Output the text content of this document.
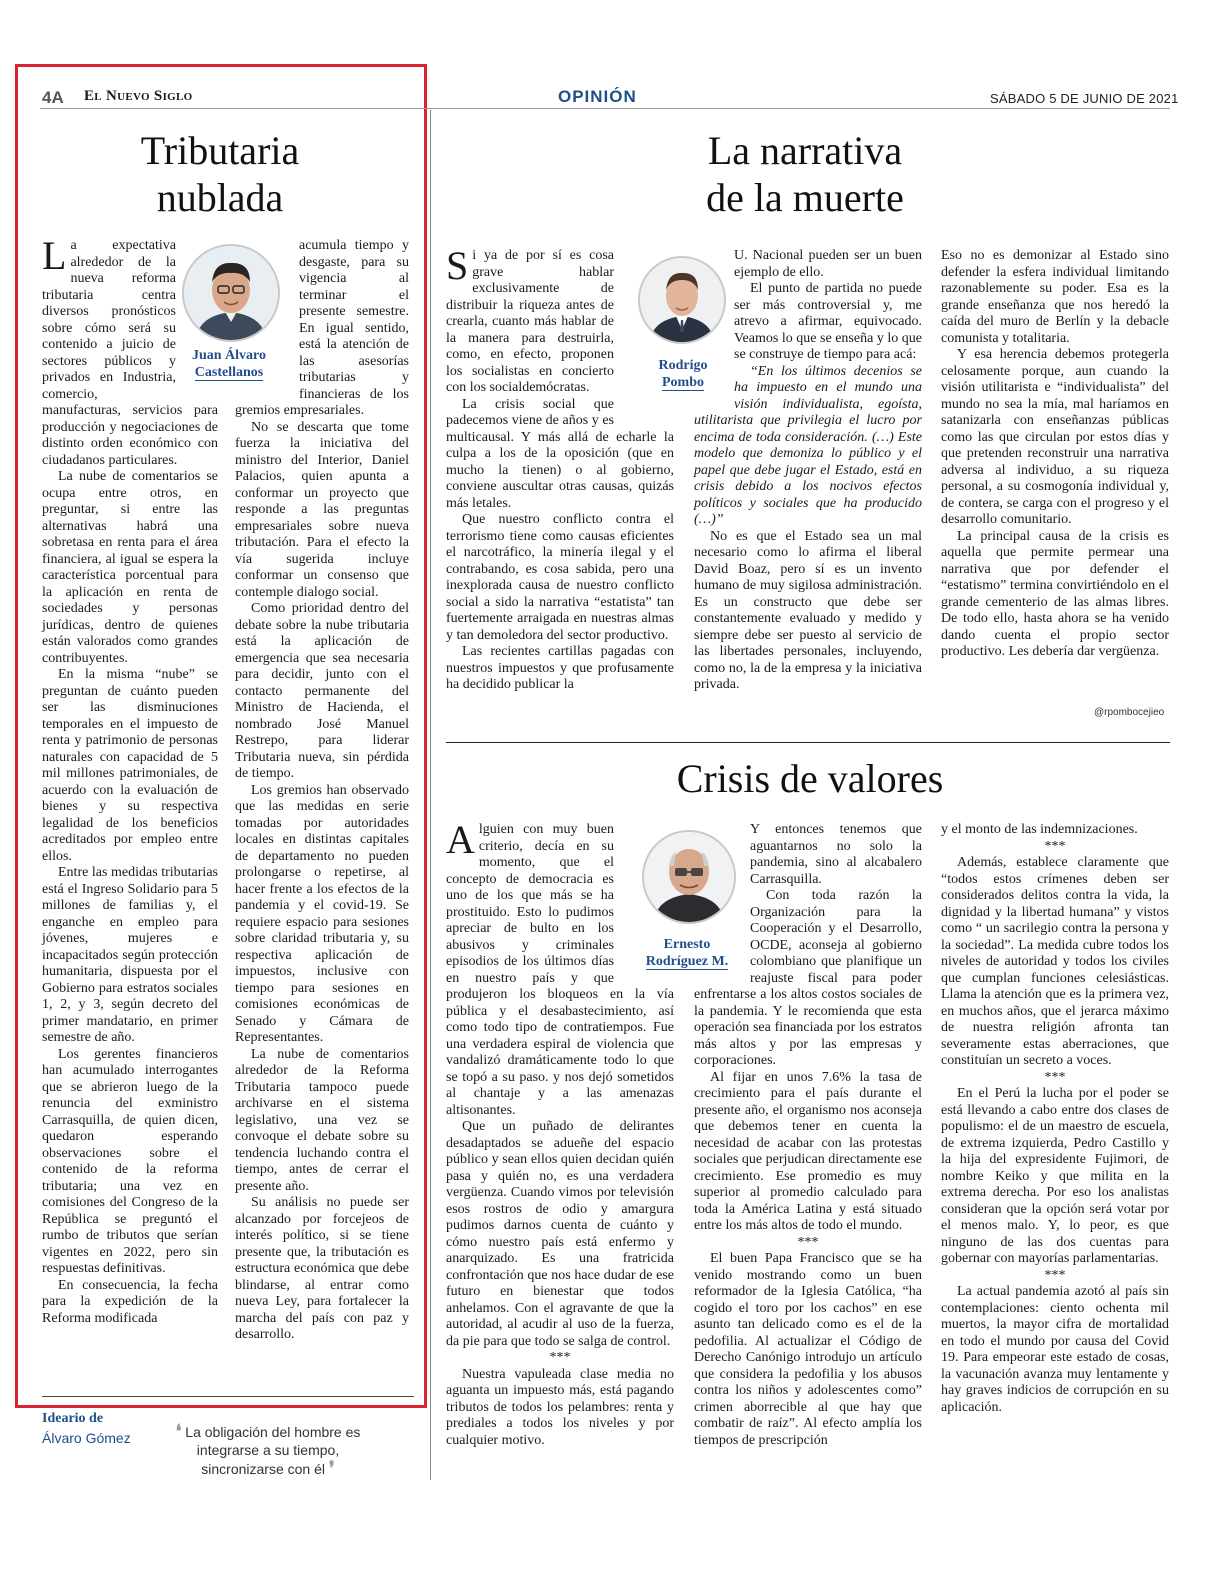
4A El Nuevo Siglo	OPINIÓN	SÁBADO 5 DE JUNIO DE 2021
Tributaria
nublada
Juan Álvaro
Castellanos

La expectativa alrededor de la nueva reforma tributaria centra diversos pronósticos sobre cómo será su contenido a juicio de sectores públicos y privados en Industria, comercio, manufacturas, servicios para producción y negociaciones de distinto orden económico con ciudadanos particulares.

La nube de comentarios se ocupa entre otros, en preguntar, si entre las alternativas habrá una sobretasa en renta para el área financiera, al igual se espera la característica porcentual para la aplicación en renta de sociedades y personas jurídicas, dentro de quienes están valorados como grandes contribuyentes.

En la misma “nube” se preguntan de cuánto pueden ser las disminuciones temporales en el impuesto de renta y patrimonio de personas naturales con capacidad de 5 mil millones patrimoniales, de acuerdo con la evaluación de bienes y su respectiva legalidad de los beneficios acreditados por empleo entre ellos.

Entre las medidas tributarias está el Ingreso Solidario para 5 millones de familias y, el enganche en empleo para jóvenes, mujeres e incapacitados según protección humanitaria, dispuesta por el Gobierno para estratos sociales 1, 2, y 3, según decreto del primer mandatario, en primer semestre de año.

Los gerentes financieros han acumulado interrogantes que se abrieron luego de la renuncia del exministro Carrasquilla, de quien dicen, quedaron esperando observaciones sobre el contenido de la reforma tributaria; una vez en comisiones del Congreso de la República se preguntó el rumbo de tributos que serían vigentes en 2022, pero sin respuestas definitivas.

En consecuencia, la fecha para la expedición de la Reforma modificada

acumula tiempo y desgaste, para su vigencia al terminar el presente semestre. En igual sentido, está la atención de las asesorías tributarias y financieras de los gremios empresariales.

No se descarta que tome fuerza la iniciativa del ministro del Interior, Daniel Palacios, quien apunta a conformar un proyecto que responde a las preguntas empresariales sobre nueva tributación. Para el efecto la vía sugerida incluye conformar un consenso que contemple dialogo social.

Como prioridad dentro del debate sobre la nube tributaria está la aplicación de emergencia que sea necesaria para decidir, junto con el contacto permanente del Ministro de Hacienda, el nombrado José Manuel Restrepo, para liderar Tributaria nueva, sin pérdida de tiempo.

Los gremios han observado que las medidas en serie tomadas por autoridades locales en distintas capitales de departamento no pueden prolongarse o repetirse, al hacer frente a los efectos de la pandemia y el covid-19. Se requiere espacio para sesiones sobre claridad tributaria y, su respectiva aplicación de impuestos, inclusive con tiempo para sesiones en comisiones económicas de Senado y Cámara de Representantes.

La nube de comentarios alrededor de la Reforma Tributaria tampoco puede archivarse en el sistema legislativo, una vez se convoque el debate sobre su tendencia luchando contra el tiempo, antes de cerrar el presente año.

Su análisis no puede ser alcanzado por forcejeos de interés político, si se tiene presente que, la tributación es estructura económica que debe blindarse, al entrar como nueva Ley, para fortalecer la marcha del país con paz y desarrollo.

Ideario de
Álvaro Gómez	❛ La obligación del hombre es integrarse a su tiempo, sincronizarse con él ❜
La narrativa
de la muerte
Rodrigo
Pombo

Si ya de por sí es cosa grave hablar exclusivamente de distribuir la riqueza antes de crearla, cuanto más hablar de la manera para destruirla, como, en efecto, proponen los socialistas en concierto con los socialdemócratas.

La crisis social que padecemos viene de años y es multicausal. Y más allá de echarle la culpa a los de la oposición (que en mucho la tienen) o al gobierno, conviene auscultar otras causas, quizás más letales.

Que nuestro conflicto contra el terrorismo tiene como causas eficientes el narcotráfico, la minería ilegal y el contrabando, es cosa sabida, pero una inexplorada causa de nuestro conflicto social a sido la narrativa “estatista” tan fuertemente arraigada en nuestras almas y tan demoledora del sector productivo.

Las recientes cartillas pagadas con nuestros impuestos y que profusamente ha decidido publicar la

U. Nacional pueden ser un buen ejemplo de ello.

El punto de partida no puede ser más controversial y, me atrevo a afirmar, equivocado. Veamos lo que se enseña y lo que se construye de tiempo para acá:

“En los últimos decenios se ha impuesto en el mundo una visión individualista, egoísta, utilitarista que privilegia el lucro por encima de toda consideración. (…) Este modelo que demoniza lo público y el papel que debe jugar el Estado, está en crisis debido a los nocivos efectos políticos y sociales que ha producido (…)”

No es que el Estado sea un mal necesario como lo afirma el liberal David Boaz, pero sí es un invento humano de muy sigilosa administración. Es un constructo que debe ser constantemente evaluado y medido y siempre debe ser puesto al servicio de las libertades personales, incluyendo, como no, la de la empresa y la iniciativa privada.

Eso no es demonizar al Estado sino defender la esfera individual limitando razonablemente su poder. Esa es la grande enseñanza que nos heredó la caída del muro de Berlín y la debacle comunista y totalitaria.

Y esa herencia debemos protegerla celosamente porque, aun cuando la visión utilitarista e “individualista” del mundo no sea la mía, mal haríamos en satanizarla con enseñanzas públicas como las que circulan por estos días y que pretenden reconstruir una narrativa adversa al individuo, a su riqueza personal, a su cosmogonía individual y, de contera, se carga con el progreso y el desarrollo comunitario.

La principal causa de la crisis es aquella que permite permear una narrativa que por defender el “estatismo” termina convirtiéndolo en el grande cementerio de las almas libres. De todo ello, hasta ahora se ha venido dando cuenta el propio sector productivo. Les debería dar vergüenza.

@rpombocejieo
Crisis de valores
Ernesto
Rodríguez M.

Alguien con muy buen criterio, decía en su momento, que el concepto de democracia es uno de los que más se ha prostituido. Esto lo pudimos apreciar de bulto en los abusivos y criminales episodios de los últimos días en nuestro país y que produjeron los bloqueos en la vía pública y el desabastecimiento, así como todo tipo de contratiempos. Fue una verdadera espiral de violencia que vandalizó dramáticamente todo lo que se topó a su paso. y nos dejó sometidos al chantaje y a las amenazas altisonantes.

Que un puñado de delirantes desadaptados se adueñe del espacio público y sean ellos quien decidan quién pasa y quién no, es una verdadera vergüenza. Cuando vimos por televisión esos rostros de odio y amargura pudimos darnos cuenta de cuánto y cómo nuestro país está enfermo y anarquizado. Es una fratricida confrontación que nos hace dudar de ese futuro en bienestar que todos anhelamos. Con el agravante de que la autoridad, al acudir al uso de la fuerza, da pie para que todo se salga de control.

***

Nuestra vapuleada clase media no aguanta un impuesto más, está pagando tributos de todos los pelambres: renta y prediales a todos los niveles y por cualquier motivo.

Y entonces tenemos que aguantarnos no solo la pandemia, sino al alcabalero Carrasquilla.

Con toda razón la Organización para la Cooperación y el Desarrollo, OCDE, aconseja al gobierno colombiano que planifique un reajuste fiscal para poder enfrentarse a los altos costos sociales de la pandemia. Y le recomienda que esta operación sea financiada por los estratos más altos y por las empresas y corporaciones.

Al fijar en unos 7.6% la tasa de crecimiento para el país durante el presente año, el organismo nos aconseja que debemos tener en cuenta la necesidad de acabar con las protestas sociales que perjudican directamente ese crecimiento. Ese promedio es muy superior al promedio calculado para toda la América Latina y está situado entre los más altos de todo el mundo.

***

El buen Papa Francisco que se ha venido mostrando como un buen reformador de la Iglesia Católica, “ha cogido el toro por los cachos” en ese asunto tan delicado como es el de la pedofilia. Al actualizar el Código de Derecho Canónigo introdujo un artículo que considera la pedofilia y los abusos contra los niños y adolescentes como” crimen aborrecible al que hay que combatir de raíz”. Al efecto amplía los tiempos de prescripción

y el monto de las indemnizaciones.

***

Además, establece claramente que “todos estos crímenes deben ser considerados delitos contra la vida, la dignidad y la libertad humana” y vistos como “ un sacrilegio contra la persona y la sociedad”. La medida cubre todos los niveles de autoridad y todos los civiles que cumplan funciones celesiásticas. Llama la atención que es la primera vez, en muchos años, que el jerarca máximo de nuestra religión afronta tan severamente estas aberraciones, que constituían un secreto a voces.

***

En el Perú la lucha por el poder se está llevando a cabo entre dos clases de populismo: el de un maestro de escuela, de extrema izquierda, Pedro Castillo y la hija del expresidente Fujimori, de nombre Keiko y que milita en la extrema derecha. Por eso los analistas consideran que la opción será votar por el menos malo. Y, lo peor, es que ninguno de las dos cuentas para gobernar con mayorías parlamentarias.

***

La actual pandemia azotó al país sin contemplaciones: ciento ochenta mil muertos, la mayor cifra de mortalidad en todo el mundo por causa del Covid 19. Para empeorar este estado de cosas, la vacunación avanza muy lentamente y hay graves indicios de corrupción en su aplicación.
